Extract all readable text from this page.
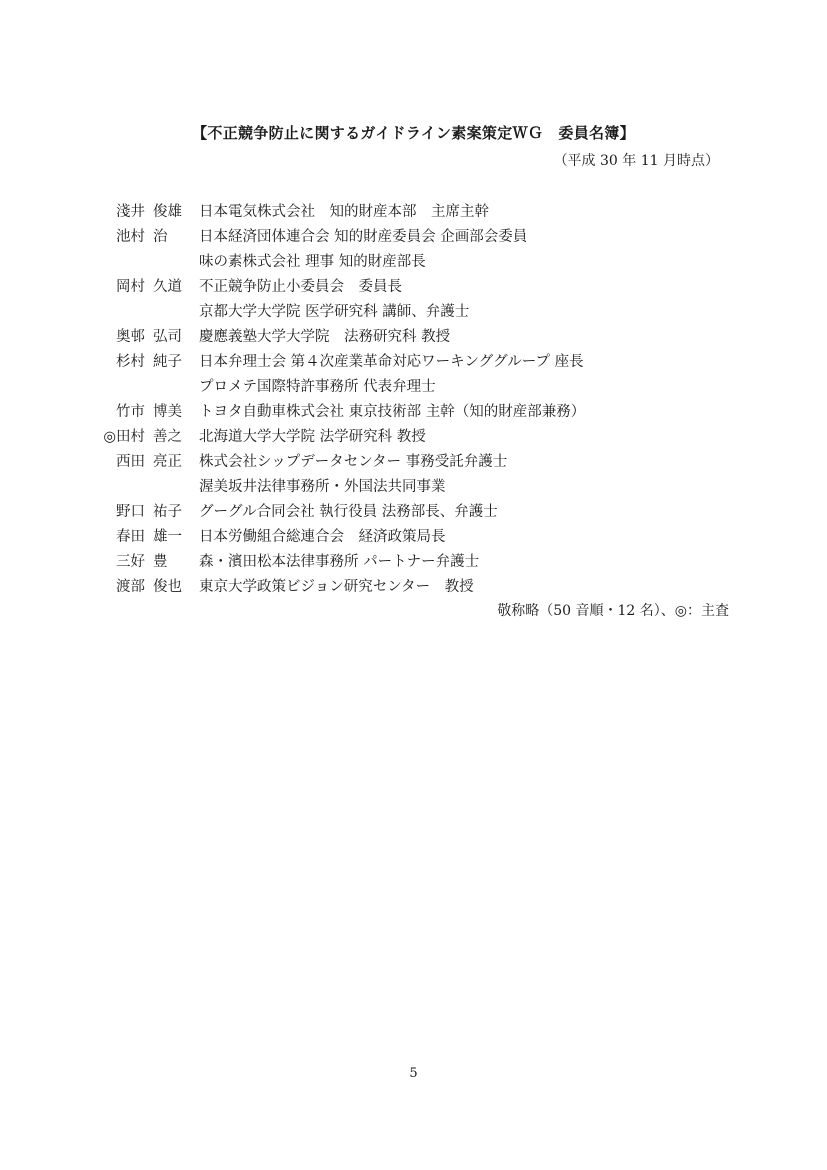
【不正競争防止に関するガイドライン素案策定ＷＧ　委員名簿】
（平成 30 年 11 月時点）
淺井 俊雄	日本電気株式会社　知的財産本部　主席主幹
池村 治	日本経済団体連合会 知的財産委員会 企画部会委員
味の素株式会社 理事 知的財産部長
岡村 久道	不正競争防止小委員会　委員長
京都大学大学院 医学研究科 講師、弁護士
奥邨 弘司	慶應義塾大学大学院　法務研究科 教授
杉村 純子	日本弁理士会 第４次産業革命対応ワーキンググループ 座長
プロメテ国際特許事務所 代表弁理士
竹市 博美	トヨタ自動車株式会社 東京技術部 主幹（知的財産部兼務）
◎ 田村 善之	北海道大学大学院 法学研究科 教授
西田 亮正	株式会社シップデータセンター 事務受託弁護士
渥美坂井法律事務所・外国法共同事業
野口 祐子	グーグル合同会社 執行役員 法務部長、弁護士
春田 雄一	日本労働組合総連合会　経済政策局長
三好 豊	森・濱田松本法律事務所 パートナー弁護士
渡部 俊也	東京大学政策ビジョン研究センター　教授
敬称略（50 音順・12 名）、◎：主査
5
